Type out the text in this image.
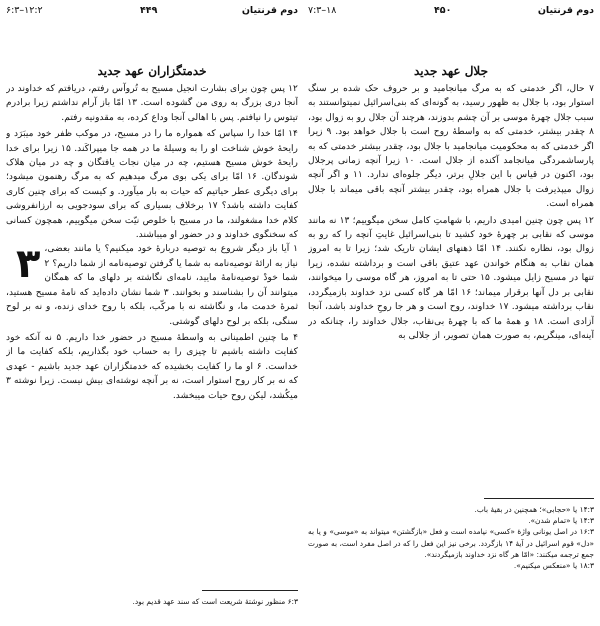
دوم قرنتیان
۴۴۹
۶:۳–۱۲:۲
خدمتگزاران عهد جدید

۱۲ پس چون برای بشارت انجیل مسیح به تُروآس رفتم، دریافتم که خداوند در آنجا دری بزرگ به روی من گشوده است. ۱۳ امّا باز آرام نداشتم زیرا برادرم تیتوس را نیافتم. پس با اهالی آنجا وداع کرده، به مقدونیه رفتم.

۱۴ امّا خدا را سپاس که همواره ما را در مسیح، در موکب ظفر خود میبَرَد و رایحهٔ خوش شناخت او را به وسیلهٔ ما در همه جا میپراکَند. ۱۵ زیرا برای خدا رایحهٔ خوش مسیح هستیم، چه در میان نجات یافتگان و چه در میان هلاک شوندگان. ۱۶ امّا برای یکی بوی مرگ میدهیم که به مرگ رهنمون میشود؛ برای دیگری عطر حیاتیم که حیات به بار میآورد. و کیست که برای چنین کاری کفایت داشته باشد؟ ۱۷ برخلاف بسیاری که برای سودجویی به ارزانفروشی کلام خدا مشغولند، ما در مسیح با خلوص نیّت سخن میگوییم، همچون کسانی که سخنگوی خداوند و در حضور او میباشند.

۳ ۱ آیا باز دیگر شروع به توصیه دربارهٔ خود میکنیم؟ یا مانند بعضی، نیاز به ارائهٔ توصیه‌نامه به شما یا گرفتن توصیه‌نامه از شما داریم؟ ۲ شما خودْ توصیه‌نامهٔ مایید، نامه‌ای نگاشته بر دلهای ما که همگان میتوانند آن را بشناسند و بخوانند. ۳ شما نشان داده‌اید که نامهٔ مسیح هستید، ثمرهٔ خدمت ما، و نگاشته نه با مرکّب، بلکه با روح خدای زنده، و نه بر لوح سنگی، بلکه بر لوح دلهای گوشتی.

۴ ما چنین اطمینانی به واسطهٔ مسیح در حضور خدا داریم. ۵ نه آنکه خود کفایت داشته باشیم تا چیزی را به حساب خود بگذاریم، بلکه کفایت ما از خداست. ۶ او ما را کفایت بخشیده که خدمتگزاران عهد جدید باشیم - عهدی که نه بر کار روح استوار است، نه بر آنچه نوشته‌ای بیش نیست. زیرا نوشته ۳ میکُشد، لیکن روح حیات میبخشد.

۶:۳ منظور نوشتهٔ شریعت است که سند عهد قدیم بود.

دوم قرنتیان
۴۵۰
۷:۳–۱۸
جلال عهد جدید

۷ حال، اگر خدمتی که به مرگ میانجامید و بر حروف حک شده بر سنگ استوار بود، با جلال به ظهور رسید، به گونه‌ای که بنی‌اسرائیل نمیتوانستند به سبب جلال چهرهٔ موسی بر آن چشم بدوزند، هرچند آن جلال رو به زوال بود، ۸ چقدر بیشتر، خدمتی که به واسطهٔ روح است با جلال خواهد بود. ۹ زیرا اگر خدمتی که به محکومیت میانجامید با جلال بود، چقدر بیشتر خدمتی که به پارسا‌شمردگی میانجامد آکنده از جلال است. ۱۰ زیرا آنچه زمانی پرجلال بود، اکنون در قیاس با این جلالِ برتر، دیگر جلوه‌ای ندارد. ۱۱ و اگر آنچه زوال میپذیرفت با جلال همراه بود، چقدر بیشتر آنچه باقی میماند با جلال همراه است.

۱۲ پس چون چنین امیدی داریم، با شهامتِ کامل سخن میگوییم؛ ۱۳ نه مانند موسی که نقابی بر چهرهٔ خود کشید تا بنی‌اسرائیل غایتِ آنچه را که رو به زوال بود، نظاره نکنند. ۱۴ امّا ذهنهای ایشان تاریک شد؛ زیرا تا به امروز همان نقاب به هنگام خواندن عهد عتیق باقی است و برداشته نشده، زیرا تنها در مسیح زایل میشود. ۱۵ حتی تا به امروز، هر گاه موسی را میخوانند، نقابی بر دل آنها برقرار میماند؛ ۱۶ امّا هر گاه کسی نزد خداوند بازمیگردد، نقاب برداشته میشود. ۱۷ خداوند، روح است و هر جا روحِ خداوند باشد، آنجا آزادی است. ۱۸ و همهٔ ما که با چهرهٔ بی‌نقاب، جلال خداوند را، چنانکه در آینه‌ای، مینگریم، به صورت همان تصویر، از جلالی به

۱۴:۳ یا «حجابی»؛ همچنین در بقیهٔ باب.

۱۴:۳ یا «تمام شدن».

۱۶:۳ در اصل یونانی واژهٔ «کسی» نیامده است و فعل «بازگشتن» میتواند به «موسی» و یا به «دل» قوم اسرائیل در آیهٔ ۱۴ بازگردد. برخی نیز این فعل را که در اصل مفرد است، به صورت جمع ترجمه میکنند: «امّا هر گاه نزد خداوند بازمیگردند».

۱۸:۳ یا «منعکس میکنیم».
